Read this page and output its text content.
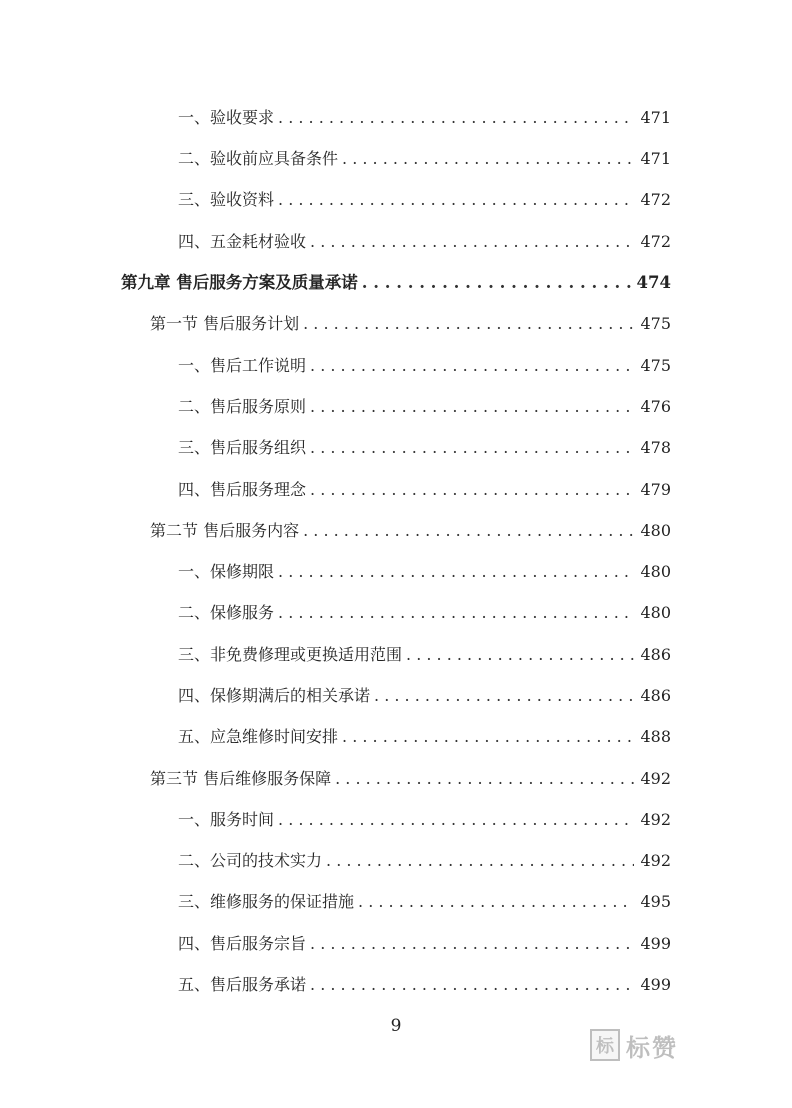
一、验收要求 . . .	471
二、验收前应具备条件 . . .	471
三、验收资料 . . .	472
四、五金耗材验收 . . .	472
第九章 售后服务方案及质量承诺 . . .	474
第一节 售后服务计划 . . .	475
一、售后工作说明 . . .	475
二、售后服务原则 . . .	476
三、售后服务组织 . . .	478
四、售后服务理念 . . .	479
第二节 售后服务内容 . . .	480
一、保修期限 . . .	480
二、保修服务 . . .	480
三、非免费修理或更换适用范围 . . .	486
四、保修期满后的相关承诺 . . .	486
五、应急维修时间安排 . . .	488
第三节 售后维修服务保障 . . .	492
一、服务时间 . . .	492
二、公司的技术实力 . . .	492
三、维修服务的保证措施 . . .	495
四、售后服务宗旨 . . .	499
五、售后服务承诺 . . .	499
9
标 标赞
